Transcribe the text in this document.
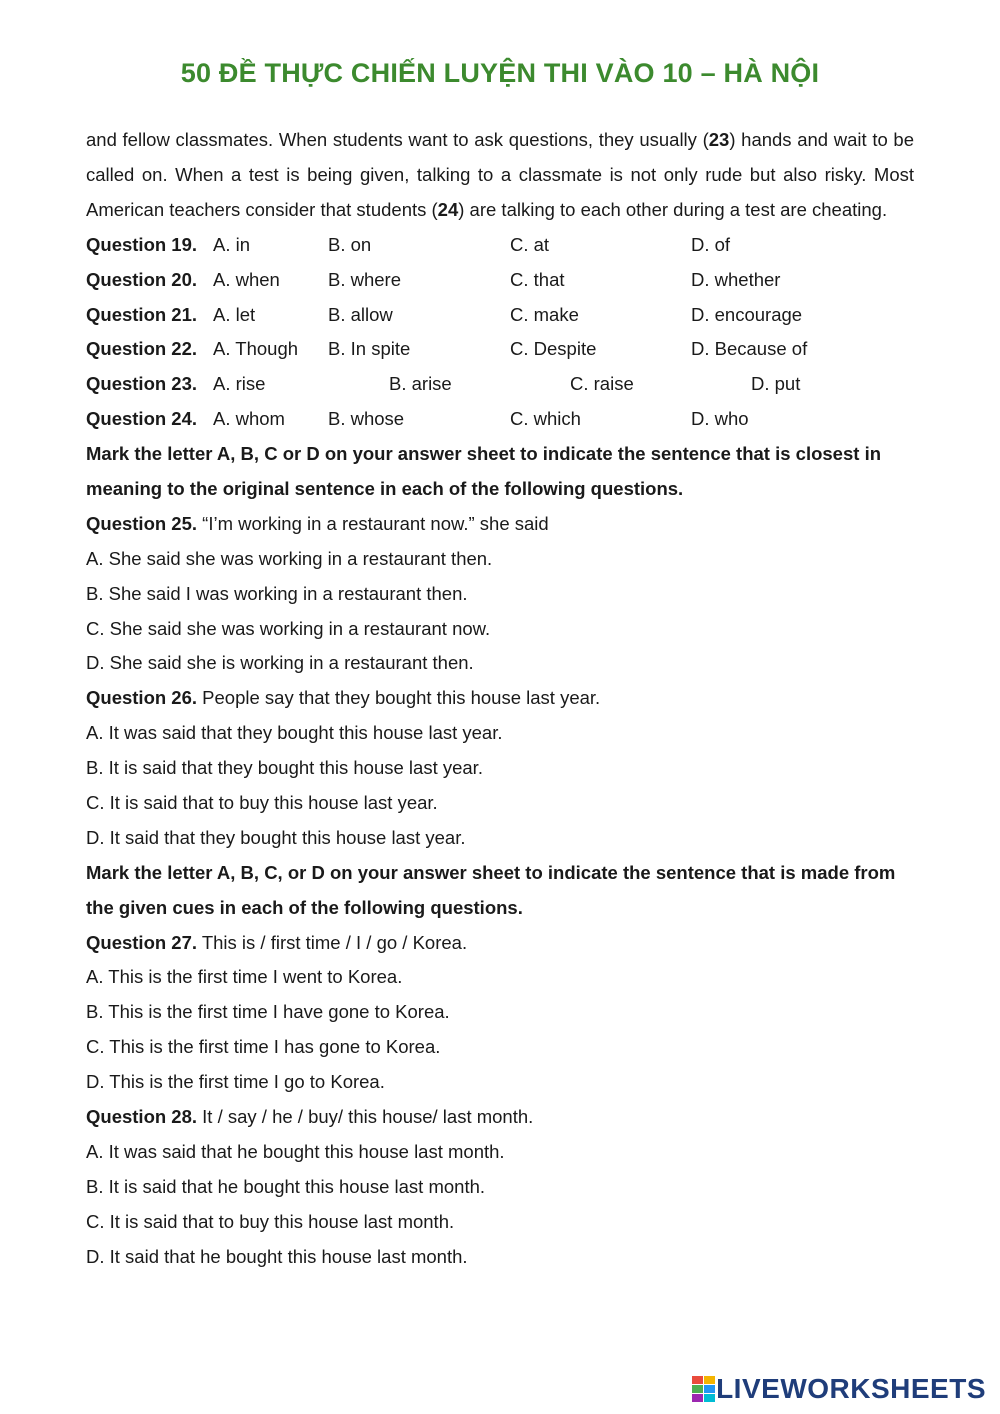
50 ĐỀ THỰC CHIẾN LUYỆN THI VÀO 10 – HÀ NỘI
and fellow classmates. When students want to ask questions, they usually (23) hands and wait to be called on. When a test is being given, talking to a classmate is not only rude but also risky. Most American teachers consider that students (24) are talking to each other during a test are cheating.
Question 19. A. in	B. on	C. at	D. of
Question 20. A. when	B. where	C. that	D. whether
Question 21. A. let	B. allow	C. make	D. encourage
Question 22. A. Though B. In spite	C. Despite	D. Because of
Question 23. A. rise	B. arise	C. raise	D. put
Question 24. A. whom B. whose	C. which	D. who
Mark the letter A, B, C or D on your answer sheet to indicate the sentence that is closest in meaning to the original sentence in each of the following questions.
Question 25. “I’m working in a restaurant now.” she said
A. She said she was working in a restaurant then.
B. She said I was working in a restaurant then.
C. She said she was working in a restaurant now.
D. She said she is working in a restaurant then.
Question 26. People say that they bought this house last year.
A. It was said that they bought this house last year.
B. It is said that they bought this house last year.
C. It is said that to buy this house last year.
D. It said that they bought this house last year.
Mark the letter A, B, C, or D on your answer sheet to indicate the sentence that is made from the given cues in each of the following questions.
Question 27. This is / first time / I / go / Korea.
A. This is the first time I went to Korea.
B. This is the first time I have gone to Korea.
C. This is the first time I has gone to Korea.
D. This is the first time I go to Korea.
Question 28. It / say / he / buy/ this house/ last month.
A. It was said that he bought this house last month.
B. It is said that he bought this house last month.
C. It is said that to buy this house last month.
D. It said that he bought this house last month.
LIVEWORKSHEETS
